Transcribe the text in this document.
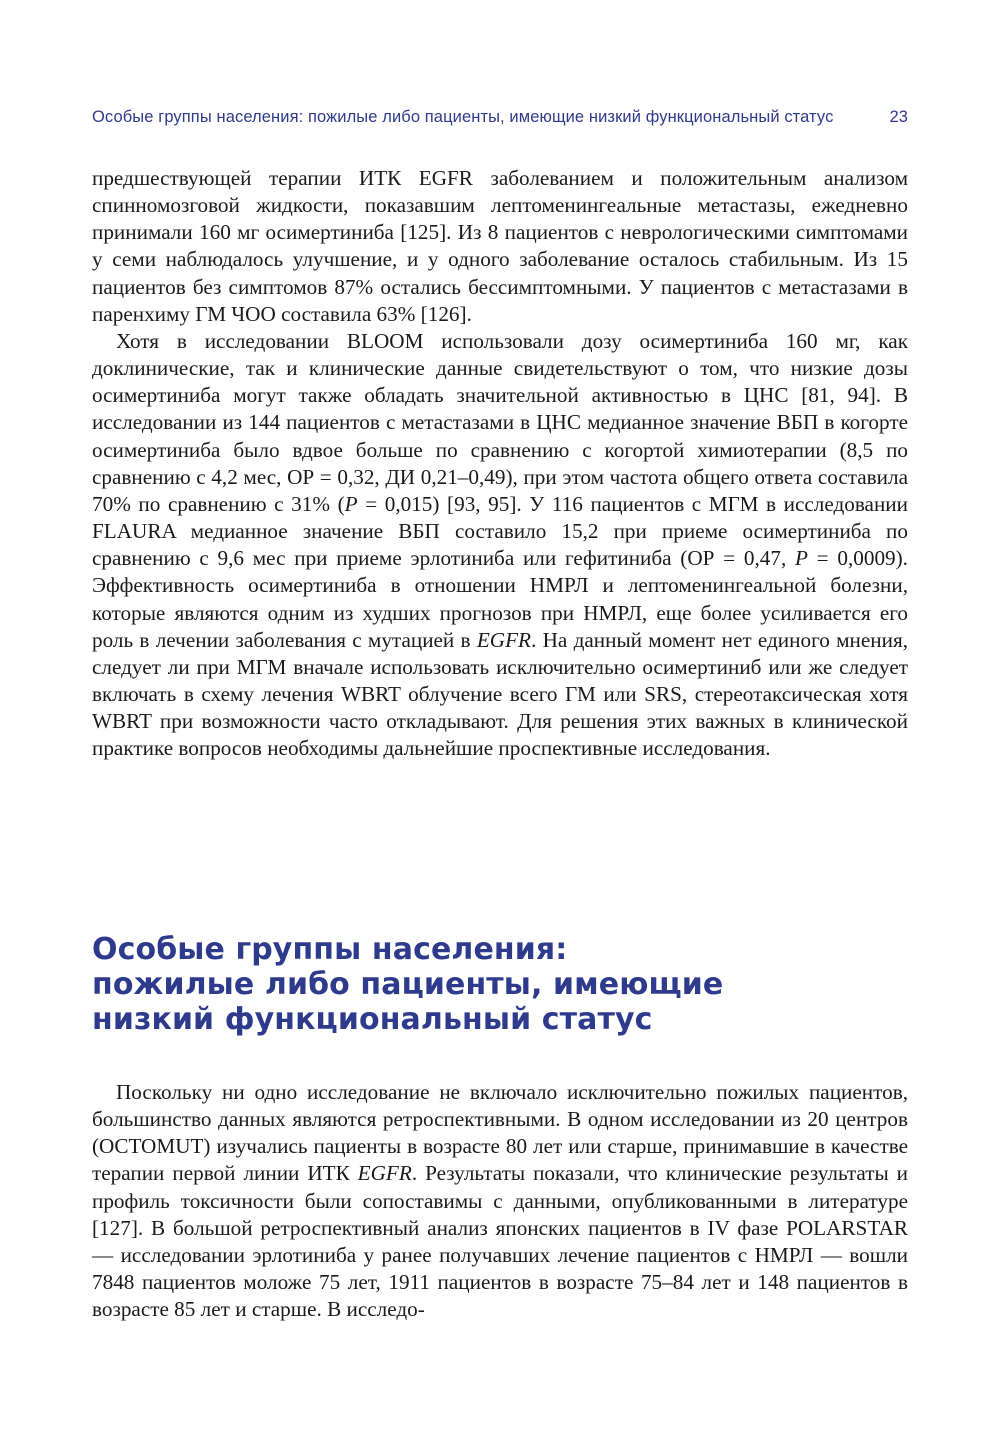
Особые группы населения: пожилые либо пациенты, имеющие низкий функциональный статус	23

предшествующей терапии ИТК EGFR заболеванием и положительным анализом спинномозговой жидкости, показавшим лептоменингеальные метастазы, ежедневно принимали 160 мг осимертиниба [125]. Из 8 пациентов с неврологическими симптомами у семи наблюдалось улучшение, и у одного заболевание осталось стабильным. Из 15 пациентов без симптомов 87% остались бессимптомными. У пациентов с метастазами в паренхиму ГМ ЧОО составила 63% [126].

Хотя в исследовании BLOOM использовали дозу осимертиниба 160 мг, как доклинические, так и клинические данные свидетельствуют о том, что низкие дозы осимертиниба могут также обладать значительной активностью в ЦНС [81, 94]. В исследовании из 144 пациентов с метастазами в ЦНС медианное значение ВБП в когорте осимертиниба было вдвое больше по сравнению с когортой химиотерапии (8,5 по сравнению с 4,2 мес, ОР = 0,32, ДИ 0,21–0,49), при этом частота общего ответа составила 70% по сравнению с 31% (P = 0,015) [93, 95]. У 116 пациентов с МГМ в исследовании FLAURA медианное значение ВБП составило 15,2 при приеме осимертиниба по сравнению с 9,6 мес при приеме эрлотиниба или гефитиниба (ОР = 0,47, P = 0,0009). Эффективность осимертиниба в отношении НМРЛ и лептоменингеальной болезни, которые являются одним из худших прогнозов при НМРЛ, еще более усиливается его роль в лечении заболевания с мутацией в EGFR. На данный момент нет единого мнения, следует ли при МГМ вначале использовать исключительно осимертиниб или же следует включать в схему лечения WBRT облучение всего ГМ или SRS, стереотаксическая хотя WBRT при возможности часто откладывают. Для решения этих важных в клинической практике вопросов необходимы дальнейшие проспективные исследования.

Особые группы населения:
пожилые либо пациенты, имеющие
низкий функциональный статус

Поскольку ни одно исследование не включало исключительно пожилых пациентов, большинство данных являются ретроспективными. В одном исследовании из 20 центров (OCTOMUT) изучались пациенты в возрасте 80 лет или старше, принимавшие в качестве терапии первой линии ИТК EGFR. Результаты показали, что клинические результаты и профиль токсичности были сопоставимы с данными, опубликованными в литературе [127]. В большой ретроспективный анализ японских пациентов в IV фазе POLARSTAR — исследовании эрлотиниба у ранее получавших лечение пациентов с НМРЛ — вошли 7848 пациентов моложе 75 лет, 1911 пациентов в возрасте 75–84 лет и 148 пациентов в возрасте 85 лет и старше. В исследо-
